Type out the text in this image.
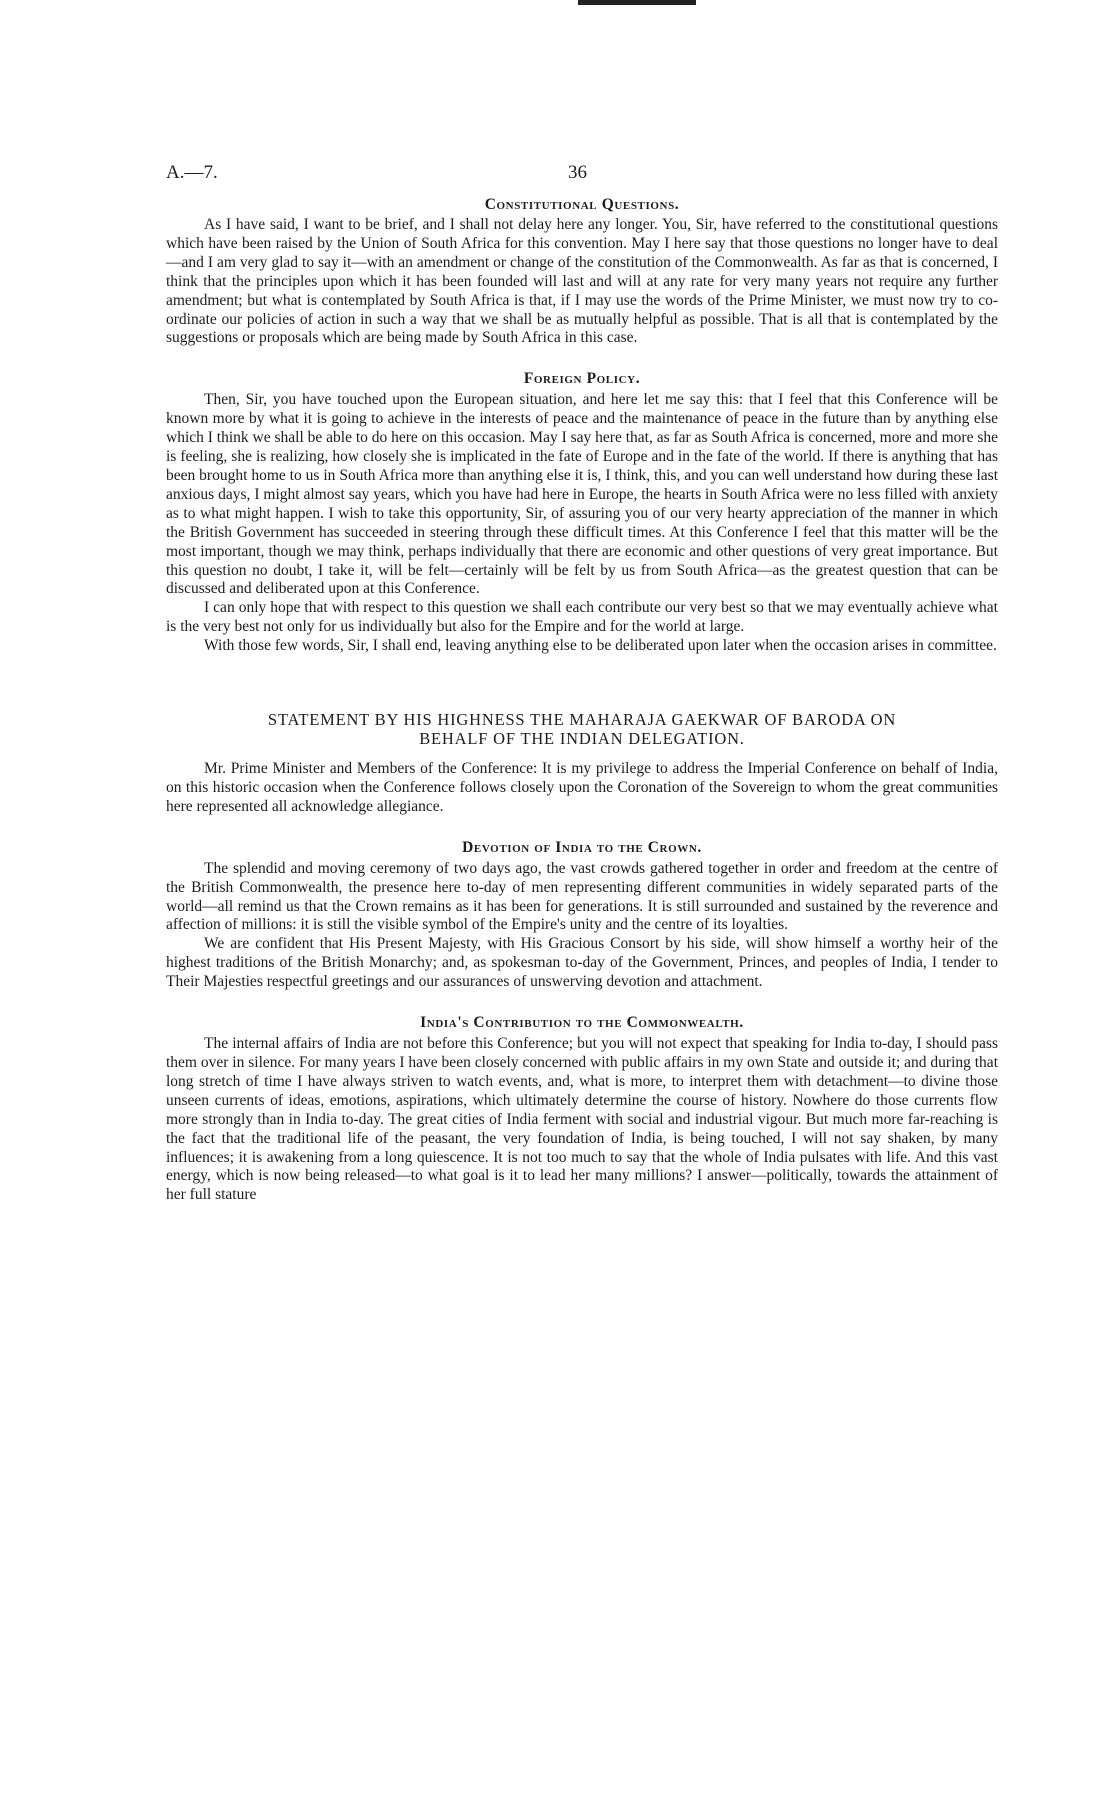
A.—7.	36
Constitutional Questions.

As I have said, I want to be brief, and I shall not delay here any longer. You, Sir, have referred to the constitutional questions which have been raised by the Union of South Africa for this convention. May I here say that those questions no longer have to deal—and I am very glad to say it—with an amendment or change of the constitution of the Commonwealth. As far as that is concerned, I think that the principles upon which it has been founded will last and will at any rate for very many years not require any further amendment; but what is contemplated by South Africa is that, if I may use the words of the Prime Minister, we must now try to co-ordinate our policies of action in such a way that we shall be as mutually helpful as possible. That is all that is contemplated by the suggestions or proposals which are being made by South Africa in this case.

Foreign Policy.

Then, Sir, you have touched upon the European situation, and here let me say this: that I feel that this Conference will be known more by what it is going to achieve in the interests of peace and the maintenance of peace in the future than by anything else which I think we shall be able to do here on this occasion. May I say here that, as far as South Africa is concerned, more and more she is feeling, she is realizing, how closely she is implicated in the fate of Europe and in the fate of the world. If there is anything that has been brought home to us in South Africa more than anything else it is, I think, this, and you can well understand how during these last anxious days, I might almost say years, which you have had here in Europe, the hearts in South Africa were no less filled with anxiety as to what might happen. I wish to take this opportunity, Sir, of assuring you of our very hearty appreciation of the manner in which the British Government has succeeded in steering through these difficult times. At this Conference I feel that this matter will be the most important, though we may think, perhaps individually that there are economic and other questions of very great importance. But this question no doubt, I take it, will be felt—certainly will be felt by us from South Africa—as the greatest question that can be discussed and deliberated upon at this Conference.

I can only hope that with respect to this question we shall each contribute our very best so that we may eventually achieve what is the very best not only for us individually but also for the Empire and for the world at large.

With those few words, Sir, I shall end, leaving anything else to be deliberated upon later when the occasion arises in committee.

STATEMENT BY HIS HIGHNESS THE MAHARAJA GAEKWAR OF BARODA ON
BEHALF OF THE INDIAN DELEGATION.

Mr. Prime Minister and Members of the Conference: It is my privilege to address the Imperial Conference on behalf of India, on this historic occasion when the Conference follows closely upon the Coronation of the Sovereign to whom the great communities here represented all acknowledge allegiance.

Devotion of India to the Crown.

The splendid and moving ceremony of two days ago, the vast crowds gathered together in order and freedom at the centre of the British Commonwealth, the presence here to-day of men representing different communities in widely separated parts of the world—all remind us that the Crown remains as it has been for generations. It is still surrounded and sustained by the reverence and affection of millions: it is still the visible symbol of the Empire's unity and the centre of its loyalties.

We are confident that His Present Majesty, with His Gracious Consort by his side, will show himself a worthy heir of the highest traditions of the British Monarchy; and, as spokesman to-day of the Government, Princes, and peoples of India, I tender to Their Majesties respectful greetings and our assurances of unswerving devotion and attachment.

India's Contribution to the Commonwealth.

The internal affairs of India are not before this Conference; but you will not expect that speaking for India to-day, I should pass them over in silence. For many years I have been closely concerned with public affairs in my own State and outside it; and during that long stretch of time I have always striven to watch events, and, what is more, to interpret them with detachment—to divine those unseen currents of ideas, emotions, aspirations, which ultimately determine the course of history. Nowhere do those currents flow more strongly than in India to-day. The great cities of India ferment with social and industrial vigour. But much more far-reaching is the fact that the traditional life of the peasant, the very foundation of India, is being touched, I will not say shaken, by many influences; it is awakening from a long quiescence. It is not too much to say that the whole of India pulsates with life. And this vast energy, which is now being released—to what goal is it to lead her many millions? I answer—politically, towards the attainment of her full stature
